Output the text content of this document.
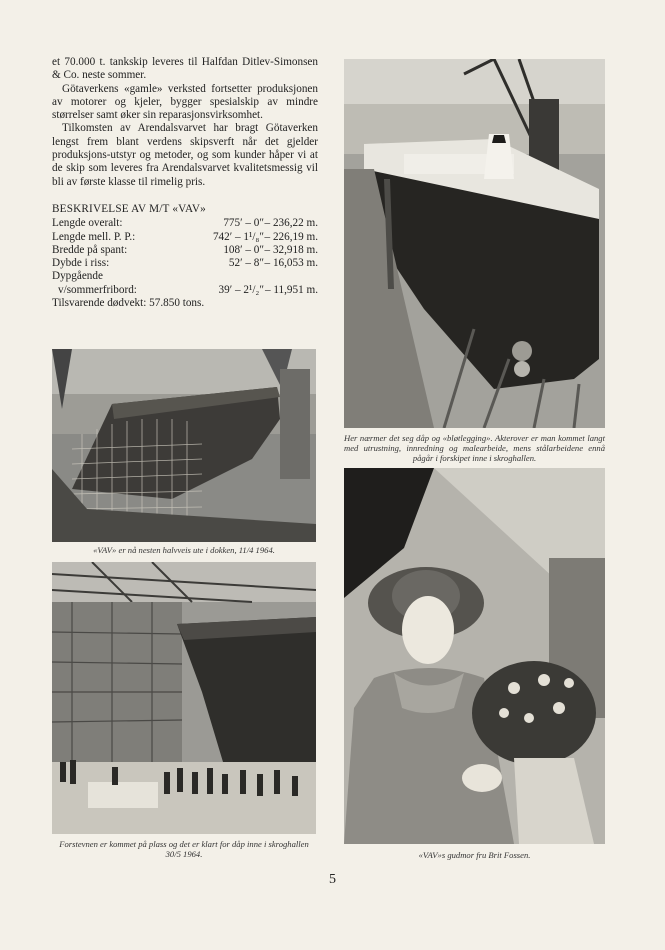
et 70.000 t. tankskip leveres til Halfdan Ditlev-Simonsen & Co. neste sommer.

Götaverkens «gamle» verksted fortsetter produksjonen av motorer og kjeler, bygger spesialskip av mindre størrelser samt øker sin reparasjonsvirksomhet.

Tilkomsten av Arendalsvarvet har bragt Götaverken lengst frem blant verdens skipsverft når det gjelder produksjons-utstyr og metoder, og som kunder håper vi at de skip som leveres fra Arendalsvarvet kvalitetsmessig vil bli av første klasse til rimelig pris.

BESKRIVELSE AV M/T «VAV»
Lengde overalt:	775′ – 0″ – 236,22 m.
Lengde mell. P. P.:	742′ – 1¹/₈″ – 226,19 m.
Bredde på spant:	108′ – 0″ – 32,918 m.
Dybde i riss:	52′ – 8″ – 16,053 m.
Dypgående
v/sommerfribord:	39′ – 2¹/₂″ – 11,951 m.
Tilsvarende dødvekt: 57.850 tons.
«VAV» er nå nesten halvveis ute i dokken, 11/4 1964.
Forstevnen er kommet på plass og det er klart for dåp inne i skroghallen 30/5 1964.
Her nærmer det seg dåp og «bløtlegging». Akterover er man kommet langt med utrustning, innredning og malearbeide, mens stålarbeidene ennå pågår i forskipet inne i skroghallen.
«VAV»s gudmor fru Brit Fossen.
5
